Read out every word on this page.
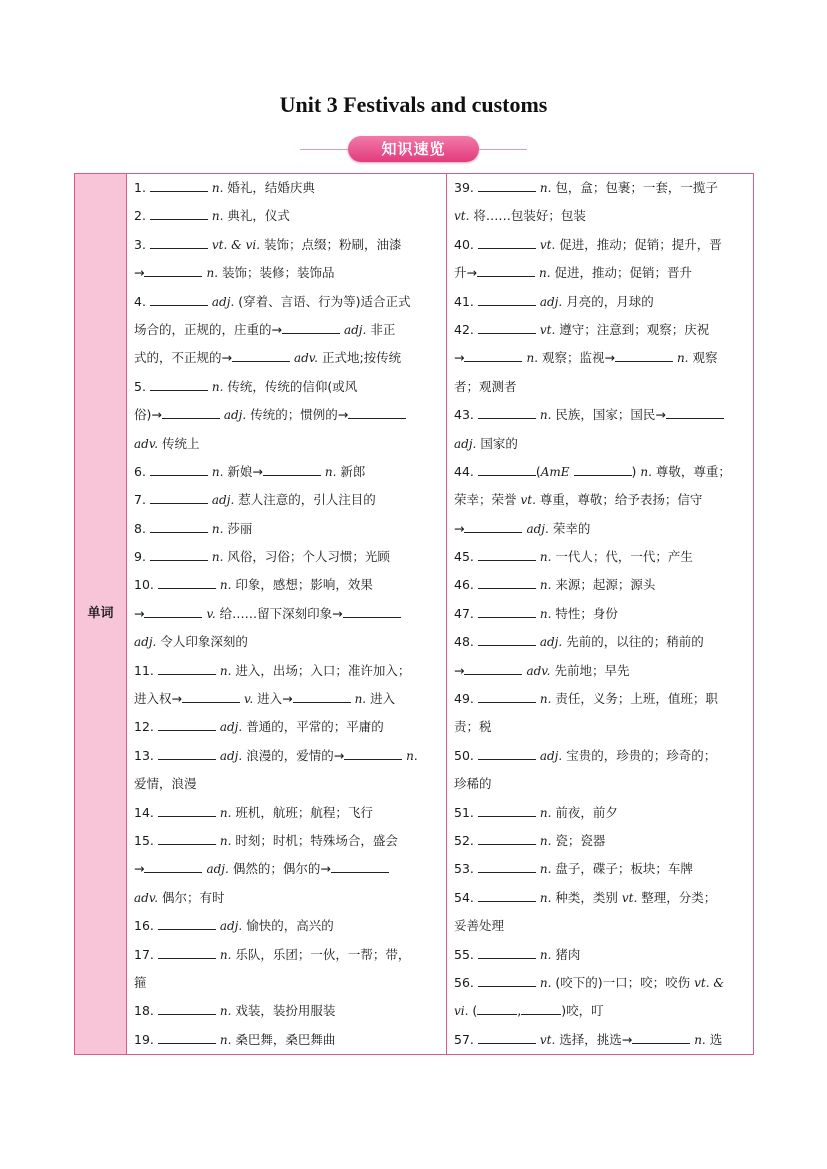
Unit 3 Festivals and customs
知识速览
单词
1.	n. 婚礼，结婚庆典
2.	n. 典礼，仪式
3.	vt. & vi. 装饰；点缀；粉刷，油漆
→	n. 装饰；装修；装饰品
4.	adj. (穿着、言语、行为等)适合正式
场合的，正规的，庄重的→	adj. 非正
式的，不正规的→	adv. 正式地;按传统
5.	n. 传统，传统的信仰(或风
俗)→	adj. 传统的；惯例的→
adv. 传统上
6.	n. 新娘→	n. 新郎
7.	adj. 惹人注意的，引人注目的
8.	n. 莎丽
9.	n. 风俗，习俗；个人习惯；光顾
10.	n. 印象，感想；影响，效果
→	v. 给……留下深刻印象→
adj. 令人印象深刻的
11.	n. 进入，出场；入口；准许加入；
进入权→	v. 进入→	n. 进入
12.	adj. 普通的，平常的；平庸的
13.	adj. 浪漫的，爱情的→	n.
爱情，浪漫
14.	n. 班机，航班；航程；飞行
15.	n. 时刻；时机；特殊场合，盛会
→	adj. 偶然的；偶尔的→
adv. 偶尔；有时
16.	adj. 愉快的，高兴的
17.	n. 乐队，乐团；一伙，一帮；带，
箍
18.	n. 戏装，装扮用服装
19.	n. 桑巴舞，桑巴舞曲
39.	n. 包，盒；包裹；一套，一揽子
vt. 将……包装好；包装
40.	vt. 促进，推动；促销；提升，晋
升→	n. 促进，推动；促销；晋升
41.	adj. 月亮的，月球的
42.	vt. 遵守；注意到；观察；庆祝
→	n. 观察；监视→	n. 观察
者；观测者
43.	n. 民族，国家；国民→
adj. 国家的
44.	(AmE	) n. 尊敬，尊重；
荣幸；荣誉 vt. 尊重，尊敬；给予表扬；信守
→	adj. 荣幸的
45.	n. 一代人；代，一代；产生
46.	n. 来源；起源；源头
47.	n. 特性；身份
48.	adj. 先前的，以往的；稍前的
→	adv. 先前地；早先
49.	n. 责任，义务；上班，值班；职
责；税
50.	adj. 宝贵的，珍贵的；珍奇的；
珍稀的
51.	n. 前夜，前夕
52.	n. 瓷；瓷器
53.	n. 盘子，碟子；板块；车牌
54.	n. 种类，类别 vt. 整理，分类；
妥善处理
55.	n. 猪肉
56.	n. (咬下的)一口；咬；咬伤 vt. &
vi. (	,	)咬，叮
57.	vt. 选择，挑选→	n. 选
